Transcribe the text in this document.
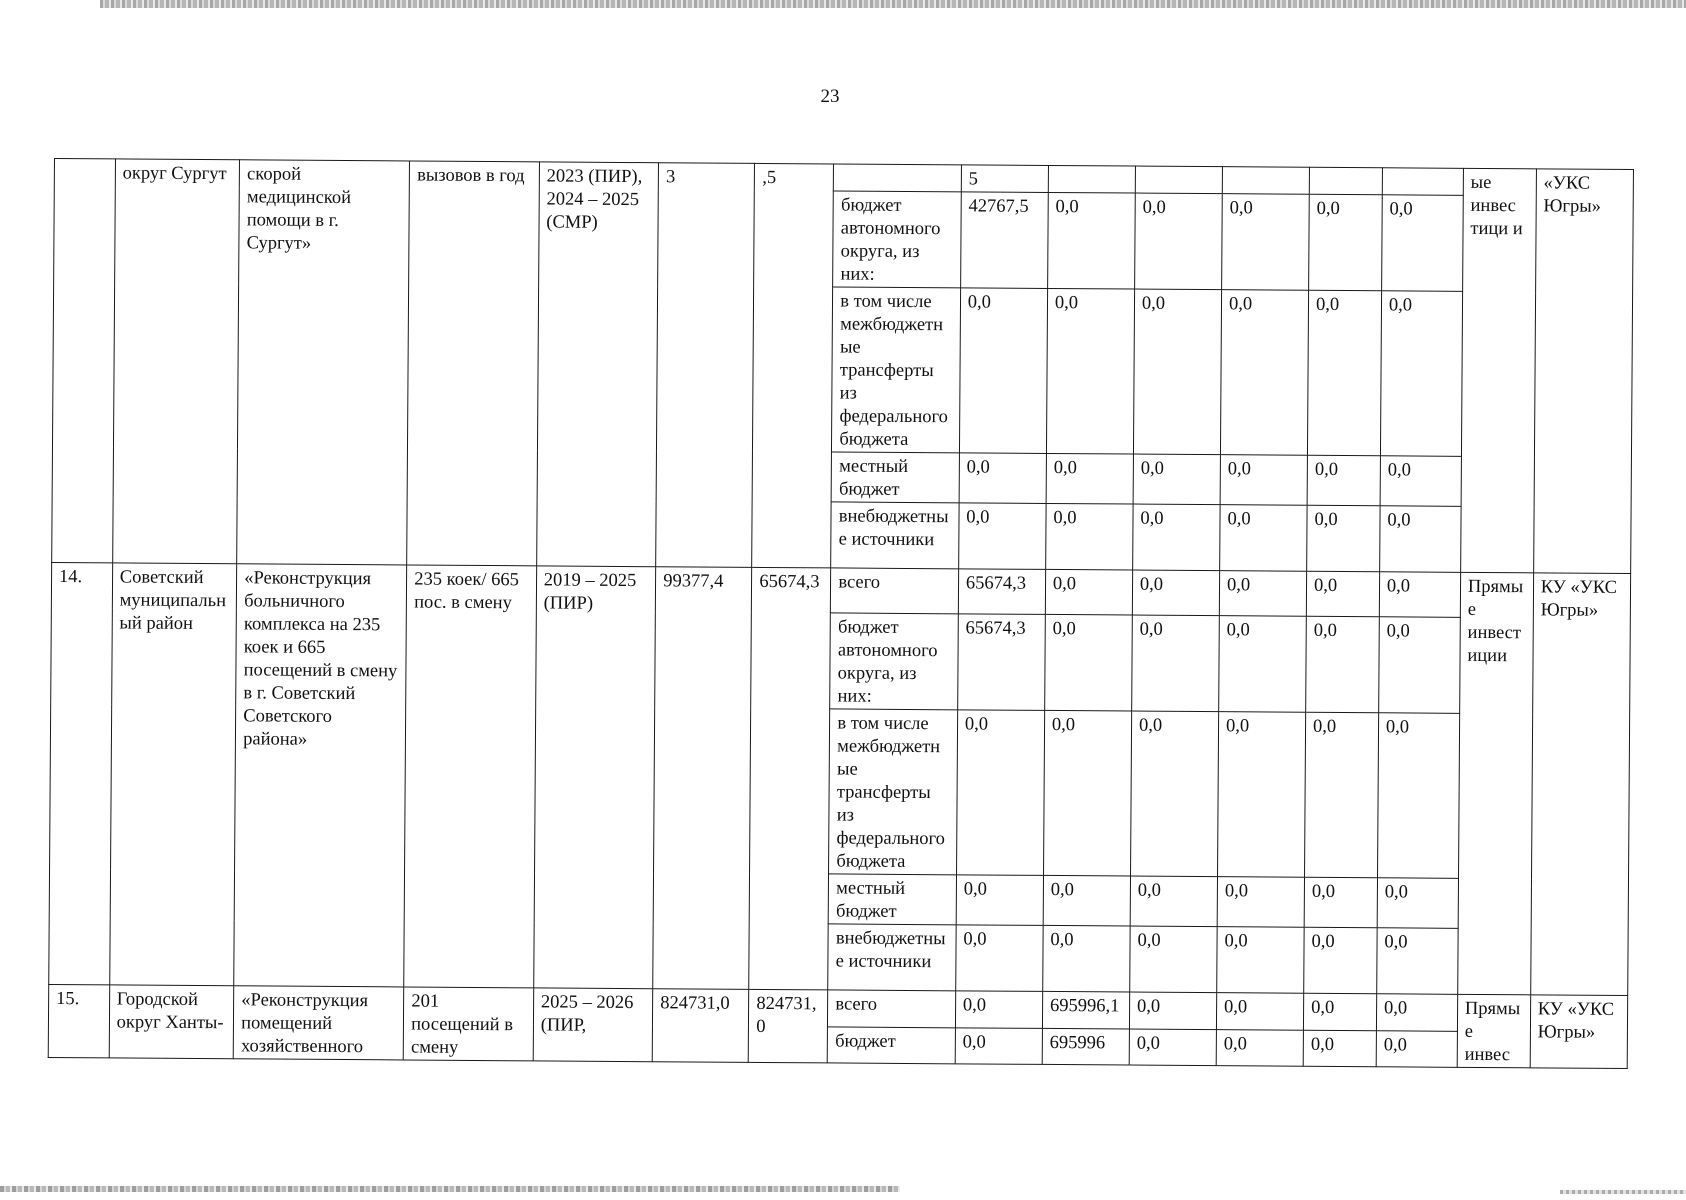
23
	округ Сургут	скорой медицинской помощи в г. Сургут»	вызовов в год	2023 (ПИР), 2024 – 2025 (СМР)	3	,5		5						ые инвес тици и	«УКС Югры»
							бюджет автономного округа, из них:	42767,5	0,0	0,0	0,0	0,0	0,0		
							в том числе межбюджетные трансферты из федерального бюджета	0,0	0,0	0,0	0,0	0,0	0,0		
							местный бюджет	0,0	0,0	0,0	0,0	0,0	0,0		
							внебюджетные источники	0,0	0,0	0,0	0,0	0,0	0,0		
14.	Советский муниципальный район	«Реконструкция больничного комплекса на 235 коек и 665 посещений в смену в г. Советский Советского района»	235 коек/ 665 пос. в смену	2019 – 2025 (ПИР)	99377,4	65674,3	всего	65674,3	0,0	0,0	0,0	0,0	0,0	Прямые инвестиции	КУ «УКС Югры»
							бюджет автономного округа, из них:	65674,3	0,0	0,0	0,0	0,0	0,0		
							в том числе межбюджетные трансферты из федерального бюджета	0,0	0,0	0,0	0,0	0,0	0,0		
							местный бюджет	0,0	0,0	0,0	0,0	0,0	0,0		
							внебюджетные источники	0,0	0,0	0,0	0,0	0,0	0,0		
15.	Городской округ Ханты-	«Реконструкция помещений хозяйственного	201 посещений в смену	2025 – 2026 (ПИР,	824731,0	824731,0	всего	0,0	695996,1	0,0	0,0	0,0	0,0	Прямые инвес	КУ «УКС Югры»
							бюджет	0,0	695996	0,0	0,0	0,0	0,0		
